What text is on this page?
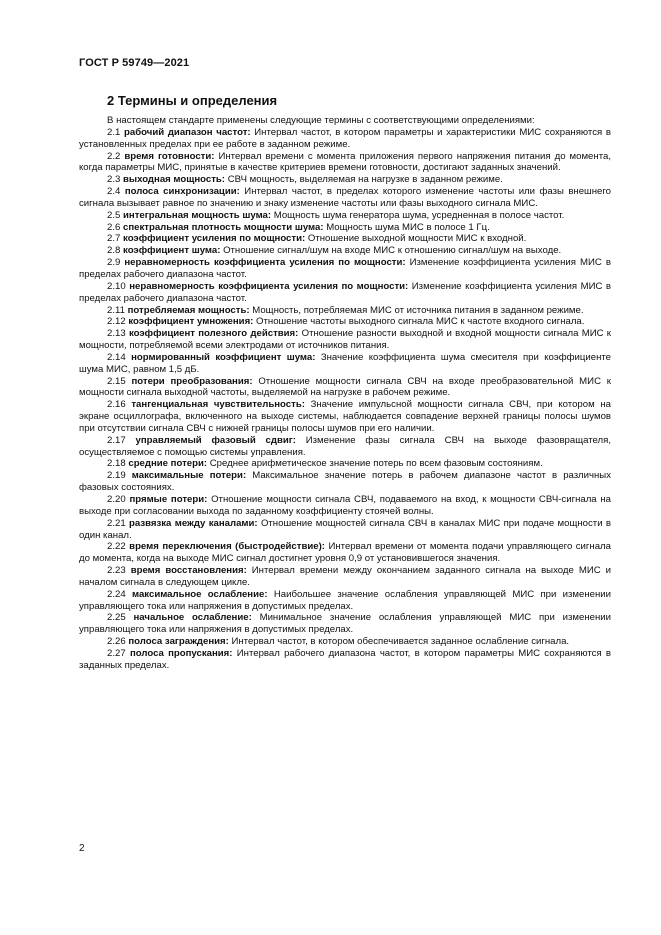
ГОСТ Р 59749—2021
2 Термины и определения

В настоящем стандарте применены следующие термины с соответствующими определениями:

2.1 рабочий диапазон частот: Интервал частот, в котором параметры и характеристики МИС сохраняются в установленных пределах при ее работе в заданном режиме.

2.2 время готовности: Интервал времени с момента приложения первого напряжения питания до момента, когда параметры МИС, принятые в качестве критериев времени готовности, достигают заданных значений.

2.3 выходная мощность: СВЧ мощность, выделяемая на нагрузке в заданном режиме.

2.4 полоса синхронизации: Интервал частот, в пределах которого изменение частоты или фазы внешнего сигнала вызывает равное по значению и знаку изменение частоты или фазы выходного сигнала МИС.

2.5 интегральная мощность шума: Мощность шума генератора шума, усредненная в полосе частот.

2.6 спектральная плотность мощности шума: Мощность шума МИС в полосе 1 Гц.

2.7 коэффициент усиления по мощности: Отношение выходной мощности МИС к входной.

2.8 коэффициент шума: Отношение сигнал/шум на входе МИС к отношению сигнал/шум на выходе.

2.9 неравномерность коэффициента усиления по мощности: Изменение коэффициента усиления МИС в пределах рабочего диапазона частот.

2.10 неравномерность коэффициента усиления по мощности: Изменение коэффициента усиления МИС в пределах рабочего диапазона частот.

2.11 потребляемая мощность: Мощность, потребляемая МИС от источника питания в заданном режиме.

2.12 коэффициент умножения: Отношение частоты выходного сигнала МИС к частоте входного сигнала.

2.13 коэффициент полезного действия: Отношение разности выходной и входной мощности сигнала МИС к мощности, потребляемой всеми электродами от источников питания.

2.14 нормированный коэффициент шума: Значение коэффициента шума смесителя при коэффициенте шума МИС, равном 1,5 дБ.

2.15 потери преобразования: Отношение мощности сигнала СВЧ на входе преобразовательной МИС к мощности сигнала выходной частоты, выделяемой на нагрузке в рабочем режиме.

2.16 тангенциальная чувствительность: Значение импульсной мощности сигнала СВЧ, при котором на экране осциллографа, включенного на выходе системы, наблюдается совпадение верхней границы полосы шумов при отсутствии сигнала СВЧ с нижней границы полосы шумов при его наличии.

2.17 управляемый фазовый сдвиг: Изменение фазы сигнала СВЧ на выходе фазовращателя, осуществляемое с помощью системы управления.

2.18 средние потери: Среднее арифметическое значение потерь по всем фазовым состояниям.

2.19 максимальные потери: Максимальное значение потерь в рабочем диапазоне частот в различных фазовых состояниях.

2.20 прямые потери: Отношение мощности сигнала СВЧ, подаваемого на вход, к мощности СВЧ-сигнала на выходе при согласовании выхода по заданному коэффициенту стоячей волны.

2.21 развязка между каналами: Отношение мощностей сигнала СВЧ в каналах МИС при подаче мощности в один канал.

2.22 время переключения (быстродействие): Интервал времени от момента подачи управляющего сигнала до момента, когда на выходе МИС сигнал достигнет уровня 0,9 от установившегося значения.

2.23 время восстановления: Интервал времени между окончанием заданного сигнала на выходе МИС и началом сигнала в следующем цикле.

2.24 максимальное ослабление: Наибольшее значение ослабления управляющей МИС при изменении управляющего тока или напряжения в допустимых пределах.

2.25 начальное ослабление: Минимальное значение ослабления управляющей МИС при изменении управляющего тока или напряжения в допустимых пределах.

2.26 полоса заграждения: Интервал частот, в котором обеспечивается заданное ослабление сигнала.

2.27 полоса пропускания: Интервал рабочего диапазона частот, в котором параметры МИС сохраняются в заданных пределах.

2
